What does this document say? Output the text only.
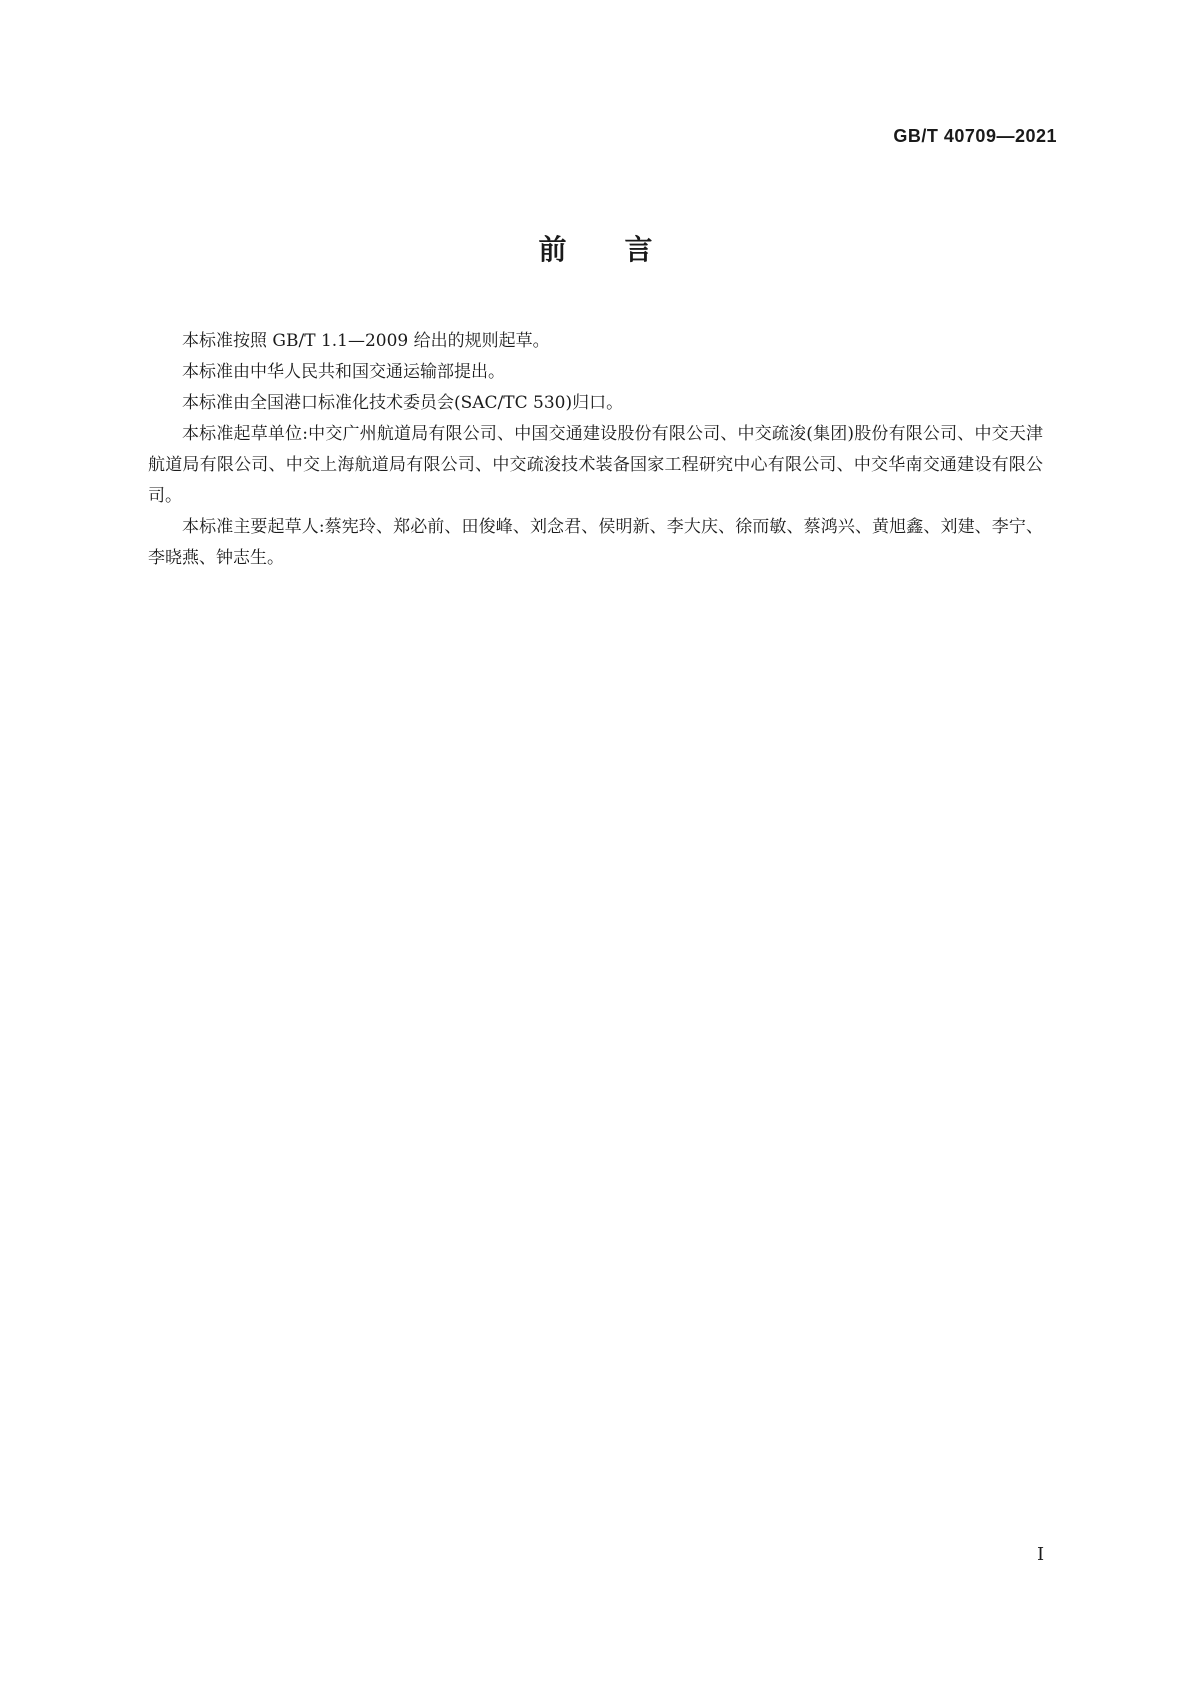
GB/T 40709—2021
前言

本标准按照 GB/T 1.1—2009 给出的规则起草。

本标准由中华人民共和国交通运输部提出。

本标准由全国港口标准化技术委员会(SAC/TC 530)归口。

本标准起草单位:中交广州航道局有限公司、中国交通建设股份有限公司、中交疏浚(集团)股份有限公司、中交天津航道局有限公司、中交上海航道局有限公司、中交疏浚技术装备国家工程研究中心有限公司、中交华南交通建设有限公司。

本标准主要起草人:蔡宪玲、郑必前、田俊峰、刘念君、侯明新、李大庆、徐而敏、蔡鸿兴、黄旭鑫、刘建、李宁、李晓燕、钟志生。

I
